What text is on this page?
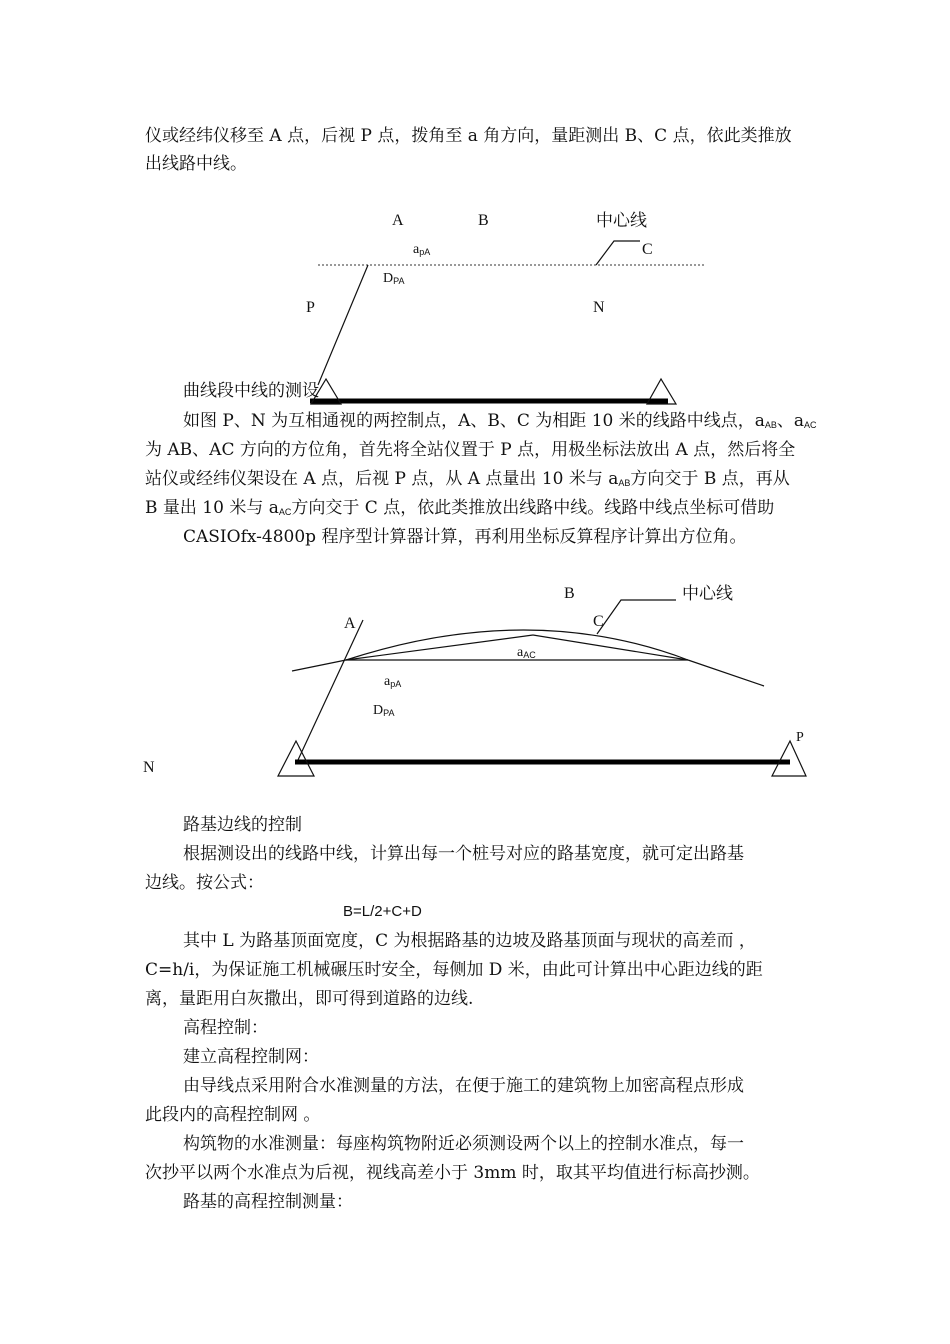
仪或经纬仪移至 A 点，后视 P 点，拨角至 a 角方向，量距测出 B、C 点，依此类推放
出线路中线。
A	B	中心线
C
$a_{pA}$
$D_{PA}$
P	N
曲线段中线的测设
如图 P、N 为互相通视的两控制点，A、B、C 为相距 10 米的线路中线点，$a_{AB}$、$a_{AC}$
为 AB、AC 方向的方位角，首先将全站仪置于 P 点，用极坐标法放出 A 点，然后将全
站仪或经纬仪架设在 A 点，后视 P 点，从 A 点量出 10 米与 $a_{AB}$方向交于 B 点，再从
B 量出 10 米与 $a_{AC}$方向交于 C 点，依此类推放出线路中线。线路中线点坐标可借助
CASIOfx-4800p 程序型计算器计算，再利用坐标反算程序计算出方位角。
B	中心线
A	C
$a_{AC}$
$a_{pA}$
$D_{PA}$
N
P
路基边线的控制
根据测设出的线路中线，计算出每一个桩号对应的路基宽度，就可定出路基
边线。按公式：
B=L/2+C+D
其中 L 为路基顶面宽度，C 为根据路基的边坡及路基顶面与现状的高差而 ，
C=h/i，为保证施工机械碾压时安全，每侧加 D 米，由此可计算出中心距边线的距
离，量距用白灰撒出，即可得到道路的边线.
高程控制：
建立高程控制网：
由导线点采用附合水准测量的方法，在便于施工的建筑物上加密高程点形成
此段内的高程控制网 。
构筑物的水准测量：每座构筑物附近必须测设两个以上的控制水准点，每一
次抄平以两个水准点为后视，视线高差小于 3mm 时，取其平均值进行标高抄测。
路基的高程控制测量：
